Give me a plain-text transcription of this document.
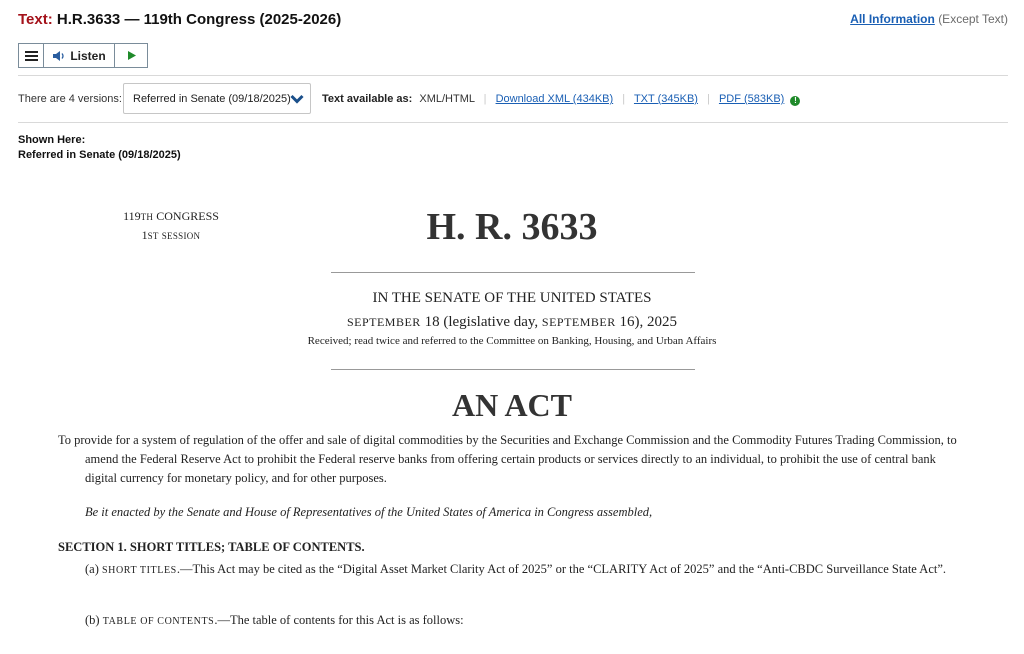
Text: H.R.3633 — 119th Congress (2025-2026)	All Information (Except Text)
Listen
There are 4 versions: Referred in Senate (09/18/2025)	Text available as: XML/HTML | Download XML (434KB) | TXT (345KB) | PDF (583KB) !
Shown Here:
Referred in Senate (09/18/2025)
119TH CONGRESS
1ST SESSION	H. R. 3633
IN THE SENATE OF THE UNITED STATES
SEPTEMBER 18 (legislative day, SEPTEMBER 16), 2025
Received; read twice and referred to the Committee on Banking, Housing, and Urban Affairs
AN ACT
To provide for a system of regulation of the offer and sale of digital commodities by the Securities and Exchange Commission and the Commodity Futures Trading Commission, to amend the Federal Reserve Act to prohibit the Federal reserve banks from offering certain products or services directly to an individual, to prohibit the use of central bank digital currency for monetary policy, and for other purposes.
Be it enacted by the Senate and House of Representatives of the United States of America in Congress assembled,
SECTION 1. SHORT TITLES; TABLE OF CONTENTS.
(a) SHORT TITLES.—This Act may be cited as the “Digital Asset Market Clarity Act of 2025” or the “CLARITY Act of 2025” and the “Anti-CBDC Surveillance State Act”.
(b) TABLE OF CONTENTS.—The table of contents for this Act is as follows:
